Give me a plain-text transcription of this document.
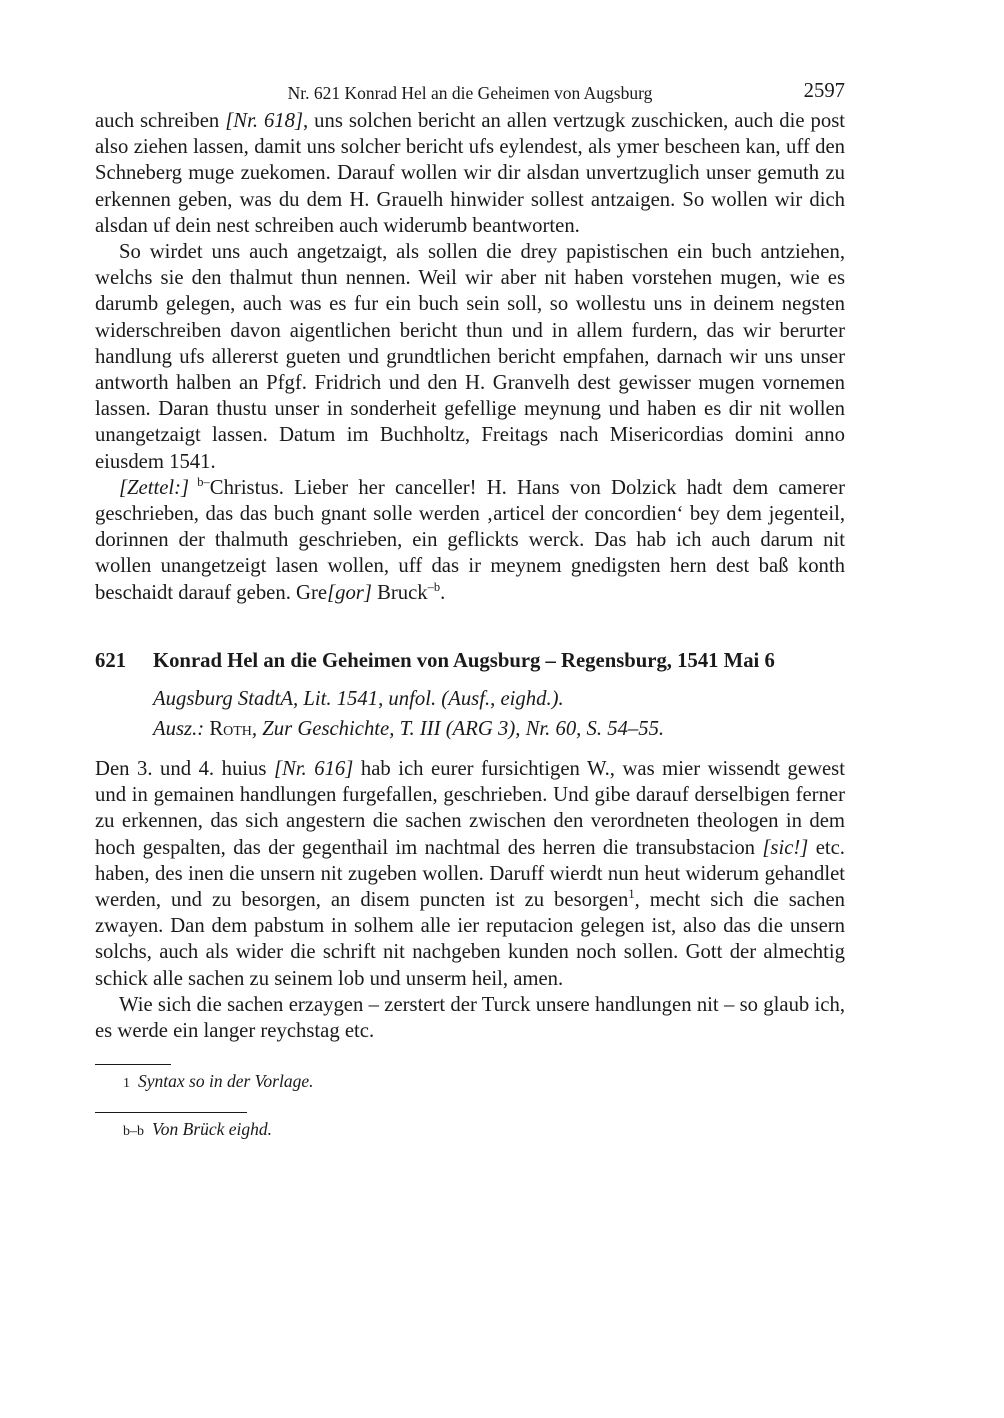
Nr. 621 Konrad Hel an die Geheimen von Augsburg	2597

auch schreiben [Nr. 618], uns solchen bericht an allen vertzugk zuschicken, auch die post also ziehen lassen, damit uns solcher bericht ufs eylendest, als ymer bescheen kan, uff den Schneberg muge zuekomen. Darauf wollen wir dir alsdan unvertzuglich unser gemuth zu erkennen geben, was du dem H. Grauelh hinwider sollest antzaigen. So wollen wir dich alsdan uf dein nest schreiben auch widerumb beantworten.

So wirdet uns auch angetzaigt, als sollen die drey papistischen ein buch antziehen, welchs sie den thalmut thun nennen. Weil wir aber nit haben vorstehen mugen, wie es darumb gelegen, auch was es fur ein buch sein soll, so wollestu uns in deinem negsten widerschreiben davon aigentlichen bericht thun und in allem furdern, das wir berurter handlung ufs allererst gueten und grundtlichen bericht empfahen, darnach wir uns unser antworth halben an Pfgf. Fridrich und den H. Granvelh dest gewisser mugen vornemen lassen. Daran thustu unser in sonderheit gefellige meynung und haben es dir nit wollen unangetzaigt lassen. Datum im Buchholtz, Freitags nach Misericordias domini anno eiusdem 1541.

[Zettel:] $^{b-}$Christus. Lieber her canceller! H. Hans von Dolzick hadt dem camerer geschrieben, das das buch gnant solle werden ‚articel der concordien‘ bey dem jegenteil, dorinnen der thalmuth geschrieben, ein geflickts werck. Das hab ich auch darum nit wollen unangetzeigt lasen wollen, uff das ir meynem gnedigsten hern dest baß konth beschaidt darauf geben. Gre[gor] Bruck$^{-b}$.

621	Konrad Hel an die Geheimen von Augsburg – Regensburg, 1541 Mai 6
Augsburg StadtA, Lit. 1541, unfol. (Ausf., eighd.).
Ausz.: Roth, Zur Geschichte, T. III (ARG 3), Nr. 60, S. 54–55.

Den 3. und 4. huius [Nr. 616] hab ich eurer fursichtigen W., was mier wissendt gewest und in gemainen handlungen furgefallen, geschrieben. Und gibe darauf derselbigen ferner zu erkennen, das sich angestern die sachen zwischen den verordneten theologen in dem hoch gespalten, das der gegenthail im nachtmal des herren die transubstacion [sic!] etc. haben, des inen die unsern nit zugeben wollen. Daruff wierdt nun heut widerum gehandlet werden, und zu besorgen, an disem puncten ist zu besorgen$^1$, mecht sich die sachen zwayen. Dan dem pabstum in solhem alle ier reputacion gelegen ist, also das die unsern solchs, auch als wider die schrift nit nachgeben kunden noch sollen. Gott der almechtig schick alle sachen zu seinem lob und unserm heil, amen.

Wie sich die sachen erzaygen – zerstert der Turck unsere handlungen nit – so glaub ich, es werde ein langer reychstag etc.

1 Syntax so in der Vorlage.
b–b Von Brück eighd.
